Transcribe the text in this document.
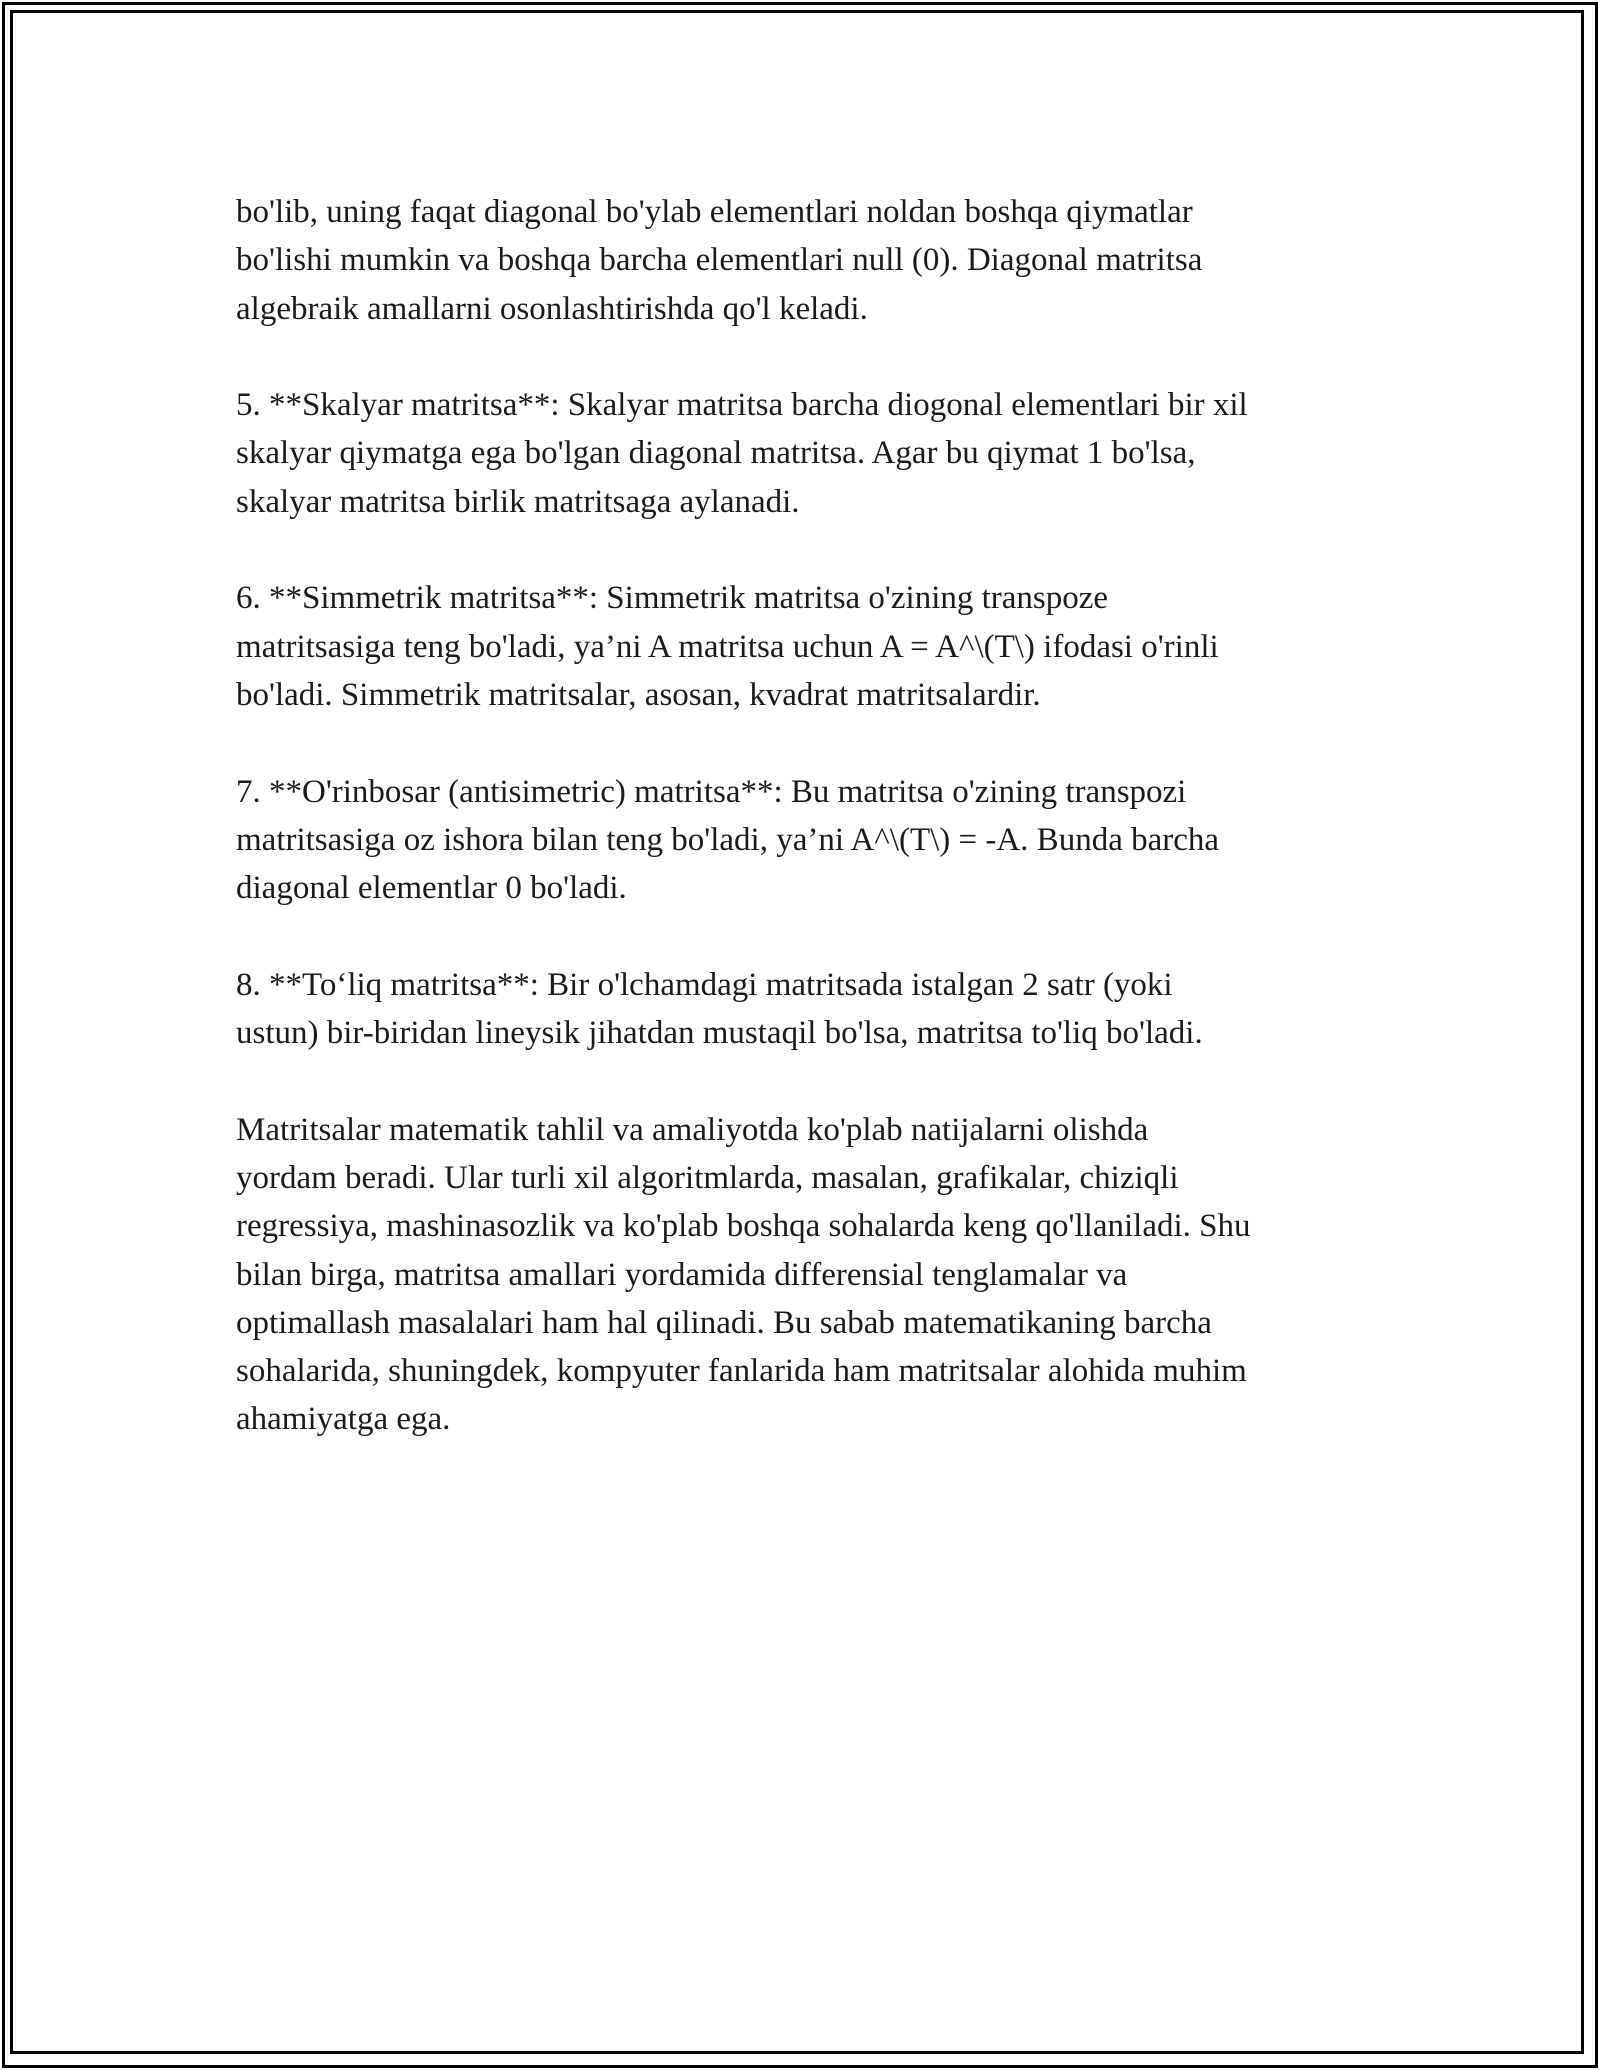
bo'lib, uning faqat diagonal bo'ylab elementlari noldan boshqa qiymatlar
bo'lishi mumkin va boshqa barcha elementlari null (0). Diagonal matritsa
algebraik amallarni osonlashtirishda qo'l keladi.

5. **Skalyar matritsa**: Skalyar matritsa barcha diogonal elementlari bir xil
skalyar qiymatga ega bo'lgan diagonal matritsa. Agar bu qiymat 1 bo'lsa,
skalyar matritsa birlik matritsaga aylanadi.

6. **Simmetrik matritsa**: Simmetrik matritsa o'zining transpoze
matritsasiga teng bo'ladi, ya’ni A matritsa uchun A = A^\(T\) ifodasi o'rinli
bo'ladi. Simmetrik matritsalar, asosan, kvadrat matritsalardir.

7. **O'rinbosar (antisimetric) matritsa**: Bu matritsa o'zining transpozi
matritsasiga oz ishora bilan teng bo'ladi, ya’ni A^\(T\) = -A. Bunda barcha
diagonal elementlar 0 bo'ladi.

8. **To‘liq matritsa**: Bir o'lchamdagi matritsada istalgan 2 satr (yoki
ustun) bir-biridan lineysik jihatdan mustaqil bo'lsa, matritsa to'liq bo'ladi.

Matritsalar matematik tahlil va amaliyotda ko'plab natijalarni olishda
yordam beradi. Ular turli xil algoritmlarda, masalan, grafikalar, chiziqli
regressiya, mashinasozlik va ko'plab boshqa sohalarda keng qo'llaniladi. Shu
bilan birga, matritsa amallari yordamida differensial tenglamalar va
optimallash masalalari ham hal qilinadi. Bu sabab matematikaning barcha
sohalarida, shuningdek, kompyuter fanlarida ham matritsalar alohida muhim
ahamiyatga ega.
